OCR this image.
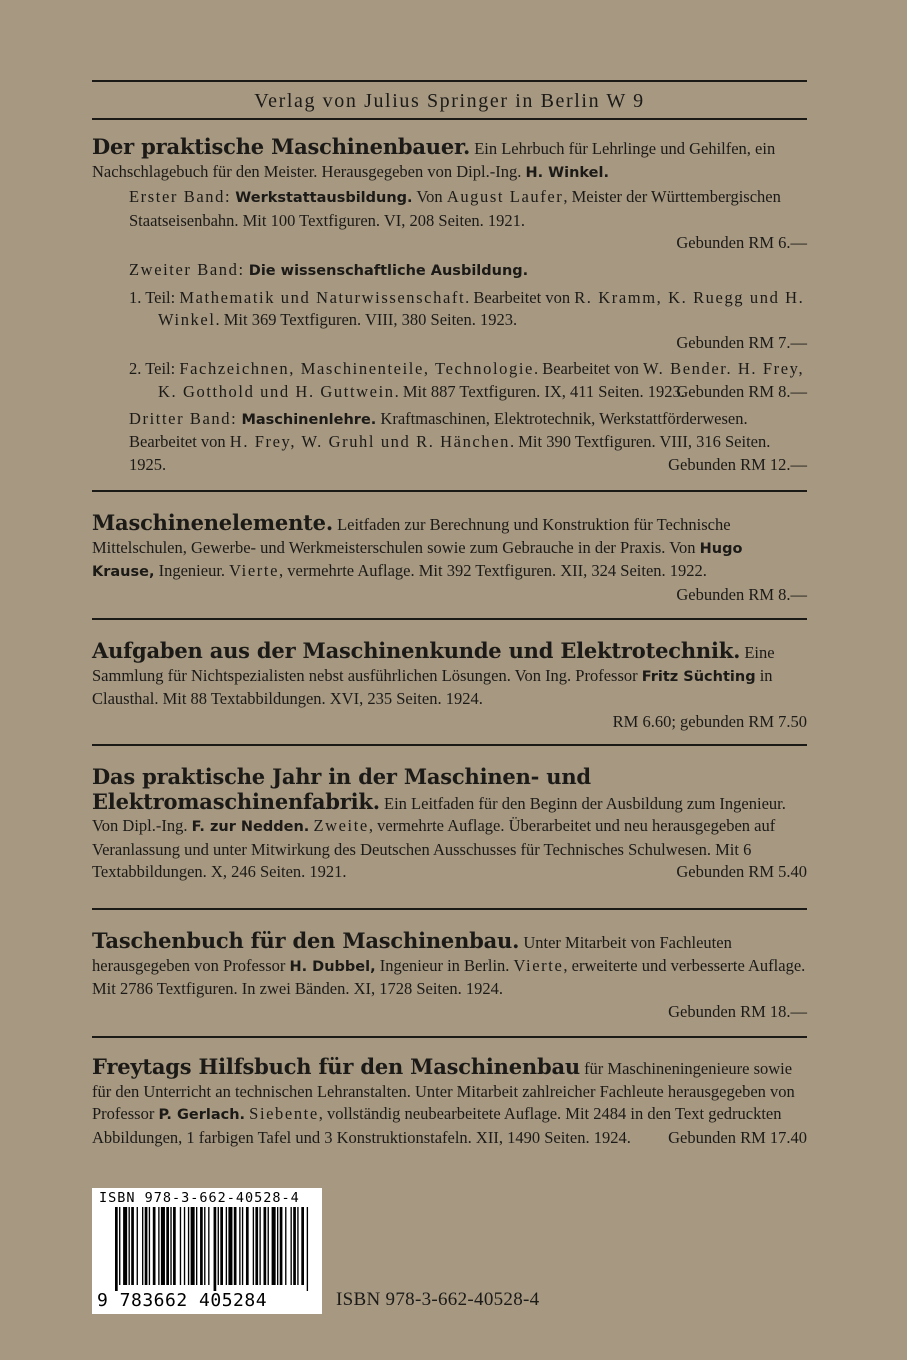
Verlag von Julius Springer in Berlin W 9

Der praktische Maschinenbauer. Ein Lehrbuch für Lehrlinge und Gehilfen, ein Nachschlagebuch für den Meister. Herausgegeben von Dipl.-Ing. H. Winkel.

Erster Band: Werkstattausbildung. Von August Laufer, Meister der Württembergischen Staatseisenbahn. Mit 100 Textfiguren. VI, 208 Seiten. 1921.

Gebunden RM 6.—

Zweiter Band: Die wissenschaftliche Ausbildung.

1. Teil: Mathematik und Naturwissenschaft. Bearbeitet von R. Kramm, K. Ruegg und H. Winkel. Mit 369 Textfiguren. VIII, 380 Seiten. 1923.

Gebunden RM 7.—

2. Teil: Fachzeichnen, Maschinenteile, Technologie. Bearbeitet von W. Bender. H. Frey, K. Gotthold und H. Guttwein. Mit 887 Textfiguren. IX, 411 Seiten. 1923.
Gebunden RM 8.—

Dritter Band: Maschinenlehre. Kraftmaschinen, Elektrotechnik, Werkstattförderwesen. Bearbeitet von H. Frey, W. Gruhl und R. Hänchen. Mit 390 Textfiguren. VIII, 316 Seiten. 1925.	Gebunden RM 12.—

Maschinenelemente. Leitfaden zur Berechnung und Konstruktion für Technische Mittelschulen, Gewerbe- und Werkmeisterschulen sowie zum Gebrauche in der Praxis. Von Hugo Krause, Ingenieur. Vierte, vermehrte Auflage. Mit 392 Textfiguren. XII, 324 Seiten. 1922.
Gebunden RM 8.—

Aufgaben aus der Maschinenkunde und Elektrotechnik. Eine Sammlung für Nichtspezialisten nebst ausführlichen Lösungen. Von Ing. Professor Fritz Süchting in Clausthal. Mit 88 Textabbildungen. XVI, 235 Seiten. 1924.

RM 6.60; gebunden RM 7.50

Das praktische Jahr in der Maschinen- und Elektromaschinenfabrik. Ein Leitfaden für den Beginn der Ausbildung zum Ingenieur. Von Dipl.-Ing. F. zur Nedden. Zweite, vermehrte Auflage. Überarbeitet und neu herausgegeben auf Veranlassung und unter Mitwirkung des Deutschen Ausschusses für Technisches Schulwesen. Mit 6 Textabbildungen. X, 246 Seiten. 1921.	Gebunden RM 5.40

Taschenbuch für den Maschinenbau. Unter Mitarbeit von Fachleuten herausgegeben von Professor H. Dubbel, Ingenieur in Berlin. Vierte, erweiterte und verbesserte Auflage. Mit 2786 Textfiguren. In zwei Bänden. XI, 1728 Seiten. 1924.

Gebunden RM 18.—

Freytags Hilfsbuch für den Maschinenbau für Maschineningenieure sowie für den Unterricht an technischen Lehranstalten. Unter Mitarbeit zahlreicher Fachleute herausgegeben von Professor P. Gerlach. Siebente, vollständig neubearbeitete Auflage. Mit 2484 in den Text gedruckten Abbildungen, 1 farbigen Tafel und 3 Konstruktionstafeln. XII, 1490 Seiten. 1924. Gebunden RM 17.40

ISBN 978-3-662-40528-4
9 783662 405284	ISBN 978-3-662-40528-4
